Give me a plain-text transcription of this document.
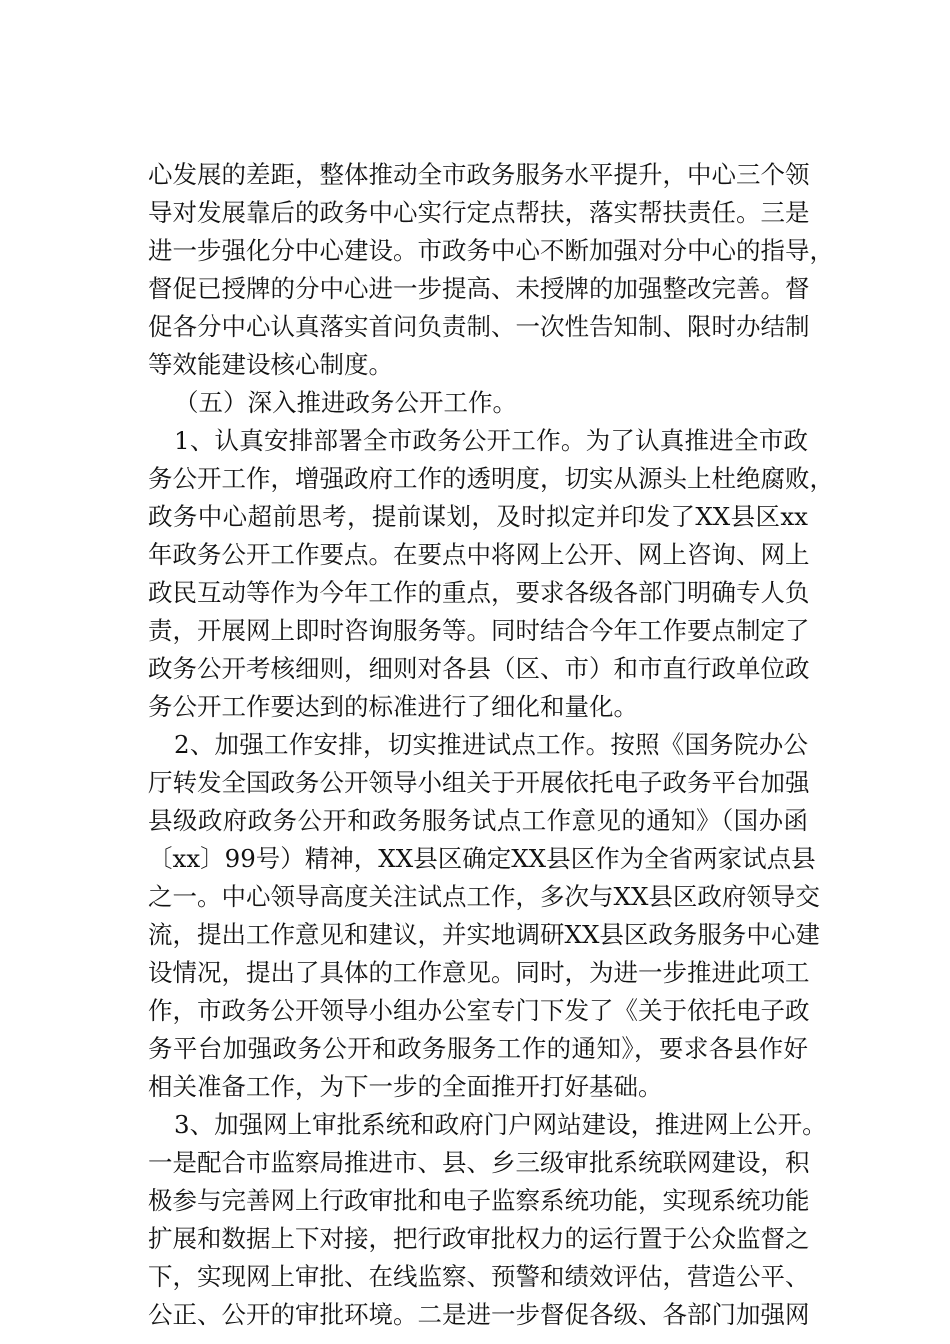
心发展的差距，整体推动全市政务服务水平提升，中心三个领
导对发展靠后的政务中心实行定点帮扶，落实帮扶责任。三是
进一步强化分中心建设。市政务中心不断加强对分中心的指导，
督促已授牌的分中心进一步提高、未授牌的加强整改完善。督
促各分中心认真落实首问负责制、一次性告知制、限时办结制
等效能建设核心制度。
（五）深入推进政务公开工作。
1、认真安排部署全市政务公开工作。为了认真推进全市政
务公开工作，增强政府工作的透明度，切实从源头上杜绝腐败，
政务中心超前思考，提前谋划，及时拟定并印发了XX县区xx
年政务公开工作要点。在要点中将网上公开、网上咨询、网上
政民互动等作为今年工作的重点，要求各级各部门明确专人负
责，开展网上即时咨询服务等。同时结合今年工作要点制定了
政务公开考核细则，细则对各县（区、市）和市直行政单位政
务公开工作要达到的标准进行了细化和量化。
2、加强工作安排，切实推进试点工作。按照《国务院办公
厅转发全国政务公开领导小组关于开展依托电子政务平台加强
县级政府政务公开和政务服务试点工作意见的通知》（国办函
〔xx〕99号）精神，XX县区确定XX县区作为全省两家试点县
之一。中心领导高度关注试点工作，多次与XX县区政府领导交
流，提出工作意见和建议，并实地调研XX县区政务服务中心建
设情况，提出了具体的工作意见。同时，为进一步推进此项工
作，市政务公开领导小组办公室专门下发了《关于依托电子政
务平台加强政务公开和政务服务工作的通知》，要求各县作好
相关准备工作，为下一步的全面推开打好基础。
3、加强网上审批系统和政府门户网站建设，推进网上公开。
一是配合市监察局推进市、县、乡三级审批系统联网建设，积
极参与完善网上行政审批和电子监察系统功能，实现系统功能
扩展和数据上下对接，把行政审批权力的运行置于公众监督之
下，实现网上审批、在线监察、预警和绩效评估，营造公平、
公正、公开的审批环境。二是进一步督促各级、各部门加强网
